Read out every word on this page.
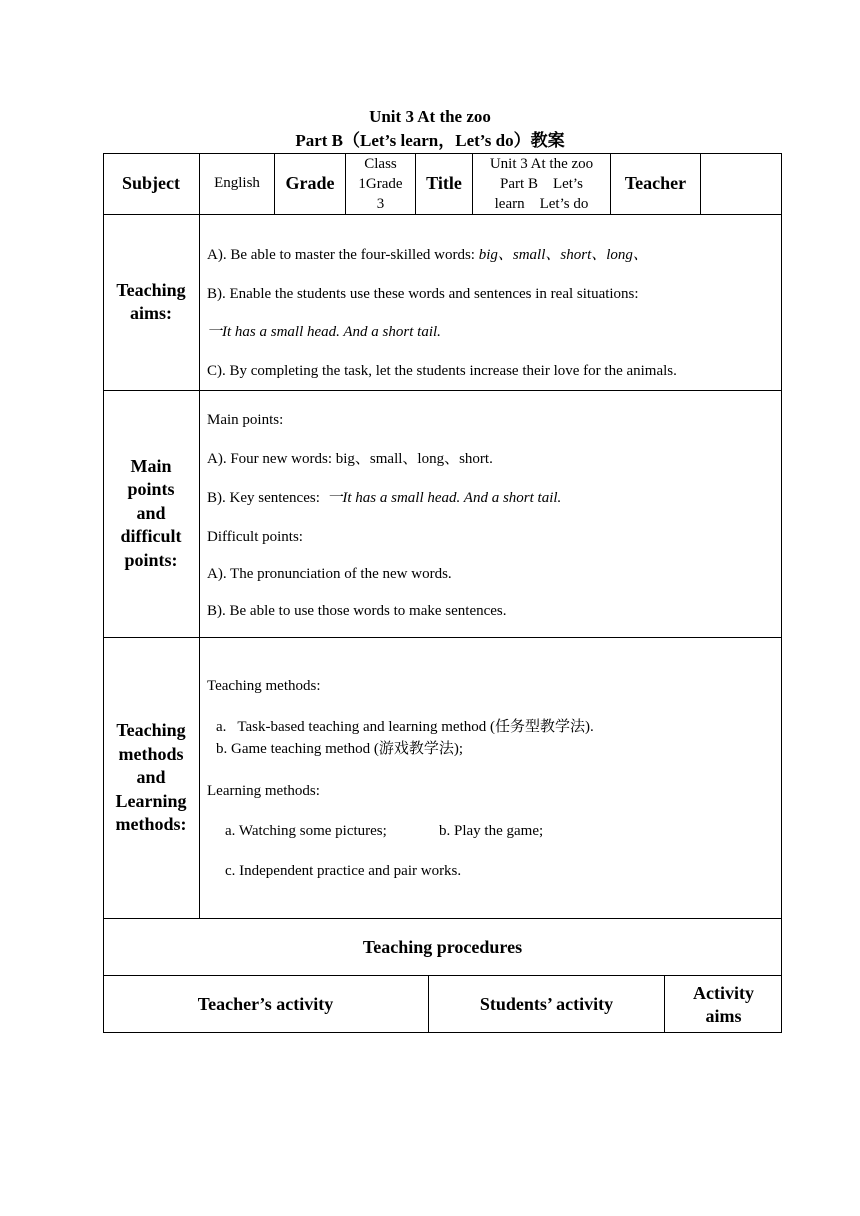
Unit 3 At the zoo
Part B（Let’s learn，Let’s do）教案
Subject English Grade
Class
1Grade
3
Title
Unit 3 At the zoo
Part B    Let’s
learn    Let’s do
Teacher
Teaching
aims:
A). Be able to master the four-skilled words: big、small、short、long、
B). Enable the students use these words and sentences in real situations:
一It has a small head. And a short tail.
C). By completing the task, let the students increase their love for the animals.
Main
points
and
difficult
points:
Main points:
A). Four new words: big、small、long、short.
B). Key sentences:  一It has a small head. And a short tail.
Difficult points:
A). The pronunciation of the new words.
B). Be able to use those words to make sentences.
Teaching
methods
and
Learning
methods:
Teaching methods:
a.   Task-based teaching and learning method (任务型教学法).
b. Game teaching method (游戏教学法);
Learning methods:
a. Watching some pictures;	b. Play the game;
c. Independent practice and pair works.
Teaching procedures
Teacher’s activity	Students’ activity
Activity
aims
